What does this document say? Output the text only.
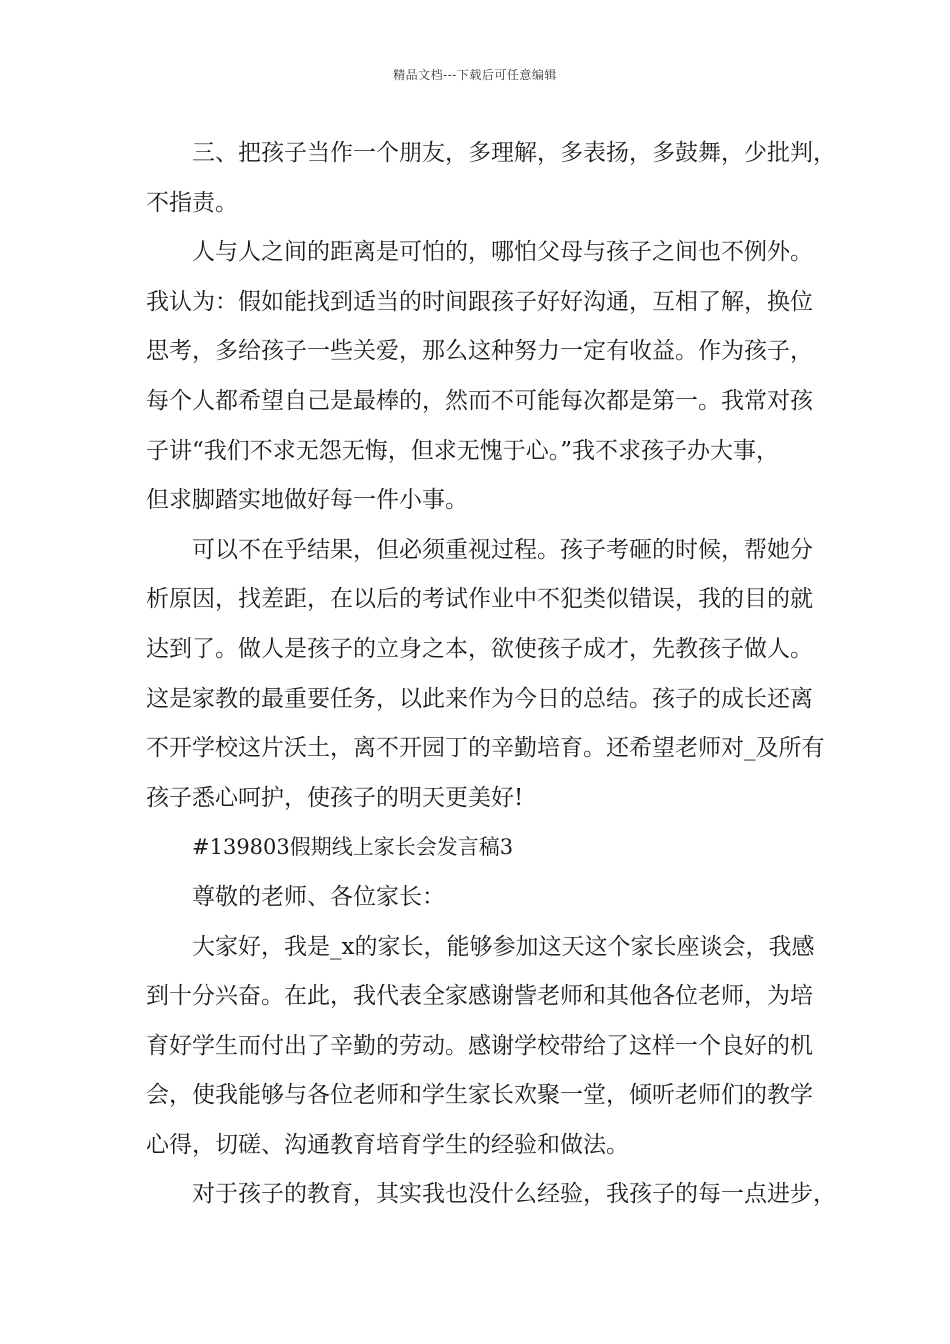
精品文档---下载后可任意编辑
三、把孩子当作一个朋友，多理解，多表扬，多鼓舞，少批判，
不指责。
人与人之间的距离是可怕的，哪怕父母与孩子之间也不例外。
我认为：假如能找到适当的时间跟孩子好好沟通，互相了解，换位
思考，多给孩子一些关爱，那么这种努力一定有收益。作为孩子，
每个人都希望自己是最棒的，然而不可能每次都是第一。我常对孩
子讲“我们不求无怨无悔，但求无愧于心。”我不求孩子办大事，
但求脚踏实地做好每一件小事。
可以不在乎结果，但必须重视过程。孩子考砸的时候，帮她分
析原因，找差距，在以后的考试作业中不犯类似错误，我的目的就
达到了。做人是孩子的立身之本，欲使孩子成才，先教孩子做人。
这是家教的最重要任务，以此来作为今日的总结。孩子的成长还离
不开学校这片沃土，离不开园丁的辛勤培育。还希望老师对_及所有
孩子悉心呵护，使孩子的明天更美好!
#139803假期线上家长会发言稿3
尊敬的老师、各位家长：
大家好，我是_x的家长，能够参加这天这个家长座谈会，我感
到十分兴奋。在此，我代表全家感谢訾老师和其他各位老师，为培
育好学生而付出了辛勤的劳动。感谢学校带给了这样一个良好的机
会，使我能够与各位老师和学生家长欢聚一堂，倾听老师们的教学
心得，切磋、沟通教育培育学生的经验和做法。
对于孩子的教育，其实我也没什么经验，我孩子的每一点进步，
